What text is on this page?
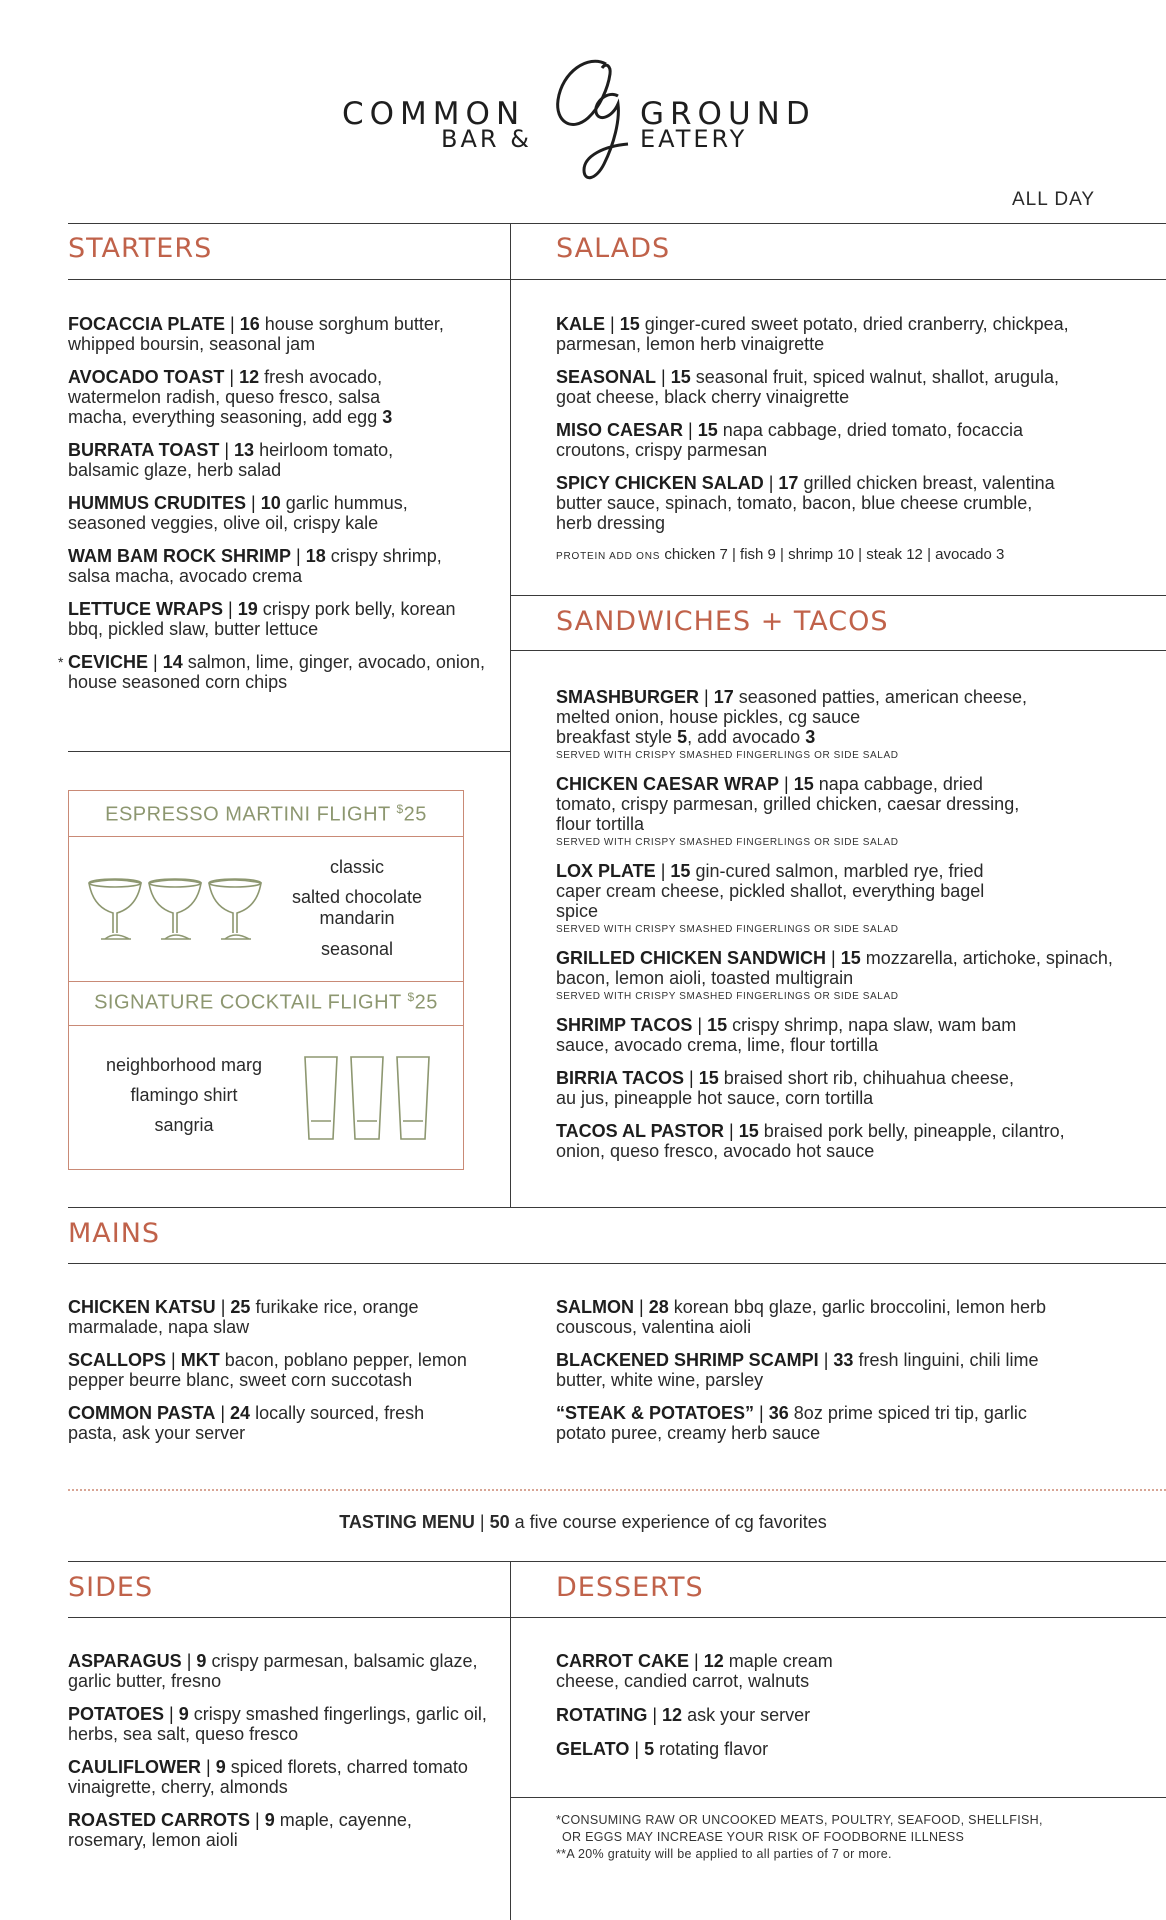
COMMON
BAR &
GROUND
EATERY
ALL DAY
STARTERS
FOCACCIA PLATE | 16 house sorghum butter, whipped boursin, seasonal jam
AVOCADO TOAST | 12 fresh avocado, watermelon radish, queso fresco, salsa macha, everything seasoning, add egg 3
BURRATA TOAST | 13 heirloom tomato, balsamic glaze, herb salad
HUMMUS CRUDITES | 10 garlic hummus, seasoned veggies, olive oil, crispy kale
WAM BAM ROCK SHRIMP | 18 crispy shrimp, salsa macha, avocado crema
LETTUCE WRAPS | 19 crispy pork belly, korean bbq, pickled slaw, butter lettuce
* CEVICHE | 14 salmon, lime, ginger, avocado, onion, house seasoned corn chips
ESPRESSO MARTINI FLIGHT $25
classic
salted chocolate
mandarin
seasonal
SIGNATURE COCKTAIL FLIGHT $25
neighborhood marg
flamingo shirt
sangria
SALADS
KALE | 15 ginger-cured sweet potato, dried cranberry, chickpea, parmesan, lemon herb vinaigrette
SEASONAL | 15 seasonal fruit, spiced walnut, shallot, arugula, goat cheese, black cherry vinaigrette
MISO CAESAR | 15 napa cabbage, dried tomato, focaccia croutons, crispy parmesan
SPICY CHICKEN SALAD | 17 grilled chicken breast, valentina butter sauce, spinach, tomato, bacon, blue cheese crumble, herb dressing
PROTEIN ADD ONS chicken 7 | fish 9 | shrimp 10 | steak 12 | avocado 3
SANDWICHES + TACOS
SMASHBURGER | 17 seasoned patties, american cheese, melted onion, house pickles, cg sauce
breakfast style 5, add avocado 3
SERVED WITH CRISPY SMASHED FINGERLINGS OR SIDE SALAD
CHICKEN CAESAR WRAP | 15 napa cabbage, dried tomato, crispy parmesan, grilled chicken, caesar dressing, flour tortilla
SERVED WITH CRISPY SMASHED FINGERLINGS OR SIDE SALAD
LOX PLATE | 15 gin-cured salmon, marbled rye, fried caper cream cheese, pickled shallot, everything bagel spice
SERVED WITH CRISPY SMASHED FINGERLINGS OR SIDE SALAD
GRILLED CHICKEN SANDWICH | 15 mozzarella, artichoke, spinach, bacon, lemon aioli, toasted multigrain
SERVED WITH CRISPY SMASHED FINGERLINGS OR SIDE SALAD
SHRIMP TACOS | 15 crispy shrimp, napa slaw, wam bam sauce, avocado crema, lime, flour tortilla
BIRRIA TACOS | 15 braised short rib, chihuahua cheese, au jus, pineapple hot sauce, corn tortilla
TACOS AL PASTOR | 15 braised pork belly, pineapple, cilantro, onion, queso fresco, avocado hot sauce
MAINS
CHICKEN KATSU | 25 furikake rice, orange marmalade, napa slaw
SCALLOPS | MKT bacon, poblano pepper, lemon pepper beurre blanc, sweet corn succotash
COMMON PASTA | 24 locally sourced, fresh pasta, ask your server
SALMON | 28 korean bbq glaze, garlic broccolini, lemon herb couscous, valentina aioli
BLACKENED SHRIMP SCAMPI | 33 fresh linguini, chili lime butter, white wine, parsley
“STEAK & POTATOES” | 36 8oz prime spiced tri tip, garlic potato puree, creamy herb sauce
TASTING MENU | 50 a five course experience of cg favorites
SIDES
ASPARAGUS | 9 crispy parmesan, balsamic glaze, garlic butter, fresno
POTATOES | 9 crispy smashed fingerlings, garlic oil, herbs, sea salt, queso fresco
CAULIFLOWER | 9 spiced florets, charred tomato vinaigrette, cherry, almonds
ROASTED CARROTS | 9 maple, cayenne, rosemary, lemon aioli
DESSERTS
CARROT CAKE | 12 maple cream cheese, candied carrot, walnuts
ROTATING | 12 ask your server
GELATO | 5 rotating flavor
*CONSUMING RAW OR UNCOOKED MEATS, POULTRY, SEAFOOD, SHELLFISH,
OR EGGS MAY INCREASE YOUR RISK OF FOODBORNE ILLNESS
**A 20% gratuity will be applied to all parties of 7 or more.
